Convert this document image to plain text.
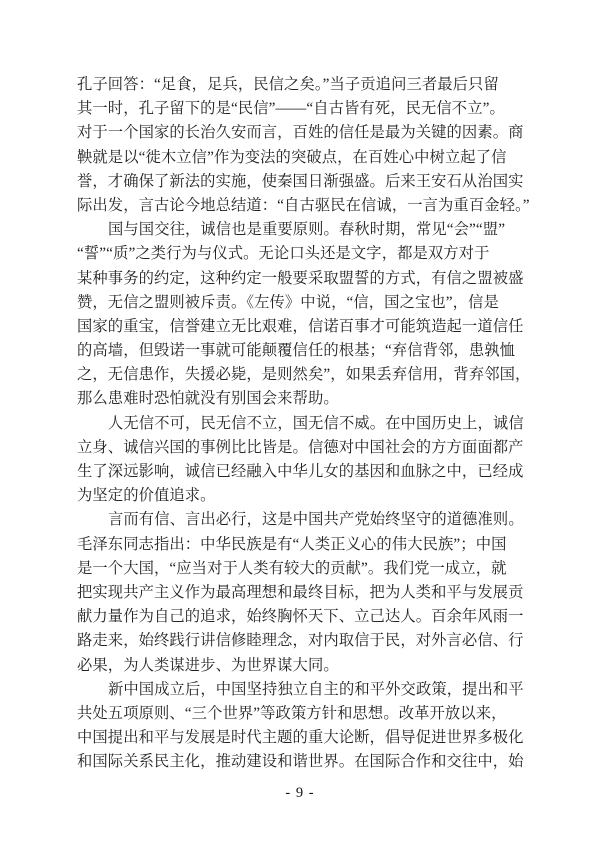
孔子回答：“足食，足兵，民信之矣。”当子贡追问三者最后只留
其一时，孔子留下的是“民信”——“自古皆有死，民无信不立”。
对于一个国家的长治久安而言，百姓的信任是最为关键的因素。商
鞅就是以“徙木立信”作为变法的突破点，在百姓心中树立起了信
誉，才确保了新法的实施，使秦国日渐强盛。后来王安石从治国实
际出发，言古论今地总结道：“自古驱民在信诚，一言为重百金轻。”
国与国交往，诚信也是重要原则。春秋时期，常见“会”“盟”
“誓”“质”之类行为与仪式。无论口头还是文字，都是双方对于
某种事务的约定，这种约定一般要采取盟誓的方式，有信之盟被盛
赞，无信之盟则被斥责。《左传》中说，“信，国之宝也”，信是
国家的重宝，信誉建立无比艰难，信诺百事才可能筑造起一道信任
的高墙，但毁诺一事就可能颠覆信任的根基；“弃信背邻，患孰恤
之，无信患作，失援必毙，是则然矣”，如果丢弃信用，背弃邻国，
那么患难时恐怕就没有别国会来帮助。
人无信不可，民无信不立，国无信不威。在中国历史上，诚信
立身、诚信兴国的事例比比皆是。信德对中国社会的方方面面都产
生了深远影响，诚信已经融入中华儿女的基因和血脉之中，已经成
为坚定的价值追求。
言而有信、言出必行，这是中国共产党始终坚守的道德准则。
毛泽东同志指出：中华民族是有“人类正义心的伟大民族”；中国
是一个大国，“应当对于人类有较大的贡献”。我们党一成立，就
把实现共产主义作为最高理想和最终目标，把为人类和平与发展贡
献力量作为自己的追求，始终胸怀天下、立己达人。百余年风雨一
路走来，始终践行讲信修睦理念，对内取信于民，对外言必信、行
必果，为人类谋进步、为世界谋大同。
新中国成立后，中国坚持独立自主的和平外交政策，提出和平
共处五项原则、“三个世界”等政策方针和思想。改革开放以来，
中国提出和平与发展是时代主题的重大论断，倡导促进世界多极化
和国际关系民主化，推动建设和谐世界。在国际合作和交往中，始
- 9 -
